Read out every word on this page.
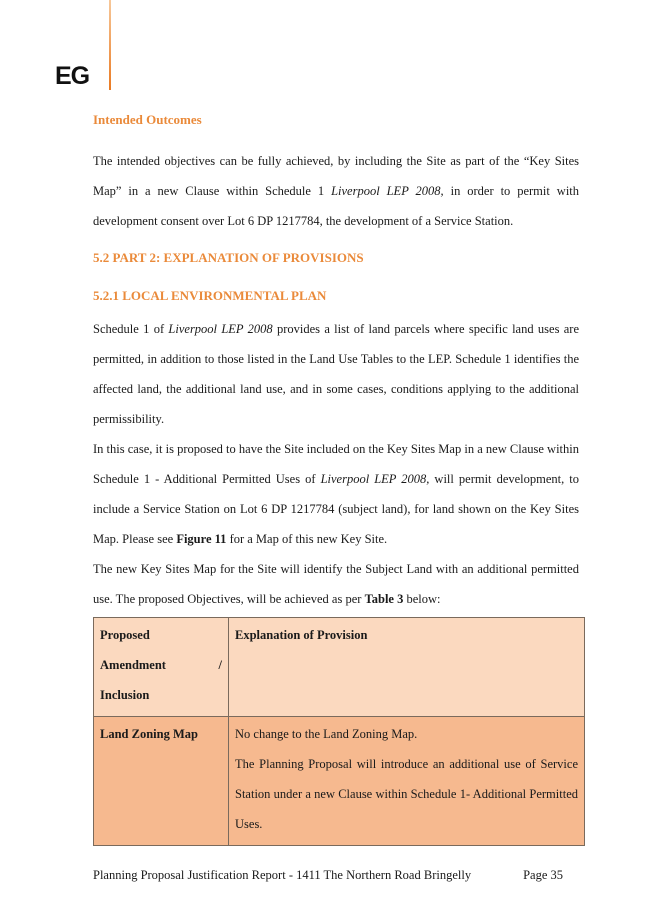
EG
Intended Outcomes

The intended objectives can be fully achieved, by including the Site as part of the “Key Sites Map” in a new Clause within Schedule 1 Liverpool LEP 2008, in order to permit with development consent over Lot 6 DP 1217784, the development of a Service Station.

5.2 PART 2: EXPLANATION OF PROVISIONS
5.2.1 LOCAL ENVIRONMENTAL PLAN

Schedule 1 of Liverpool LEP 2008 provides a list of land parcels where specific land uses are permitted, in addition to those listed in the Land Use Tables to the LEP. Schedule 1 identifies the affected land, the additional land use, and in some cases, conditions applying to the additional permissibility.

In this case, it is proposed to have the Site included on the Key Sites Map in a new Clause within Schedule 1 - Additional Permitted Uses of Liverpool LEP 2008, will permit development, to include a Service Station on Lot 6 DP 1217784 (subject land), for land shown on the Key Sites Map. Please see Figure 11 for a Map of this new Key Site.

The new Key Sites Map for the Site will identify the Subject Land with an additional permitted use. The proposed Objectives, will be achieved as per Table 3 below:

Proposed
Amendment /
Inclusion	Explanation of Provision
Land Zoning Map	No change to the Land Zoning Map.
The Planning Proposal will introduce an additional use of Service Station under a new Clause within Schedule 1- Additional Permitted Uses.
Planning Proposal Justification Report - 1411 The Northern Road Bringelly	Page 35
